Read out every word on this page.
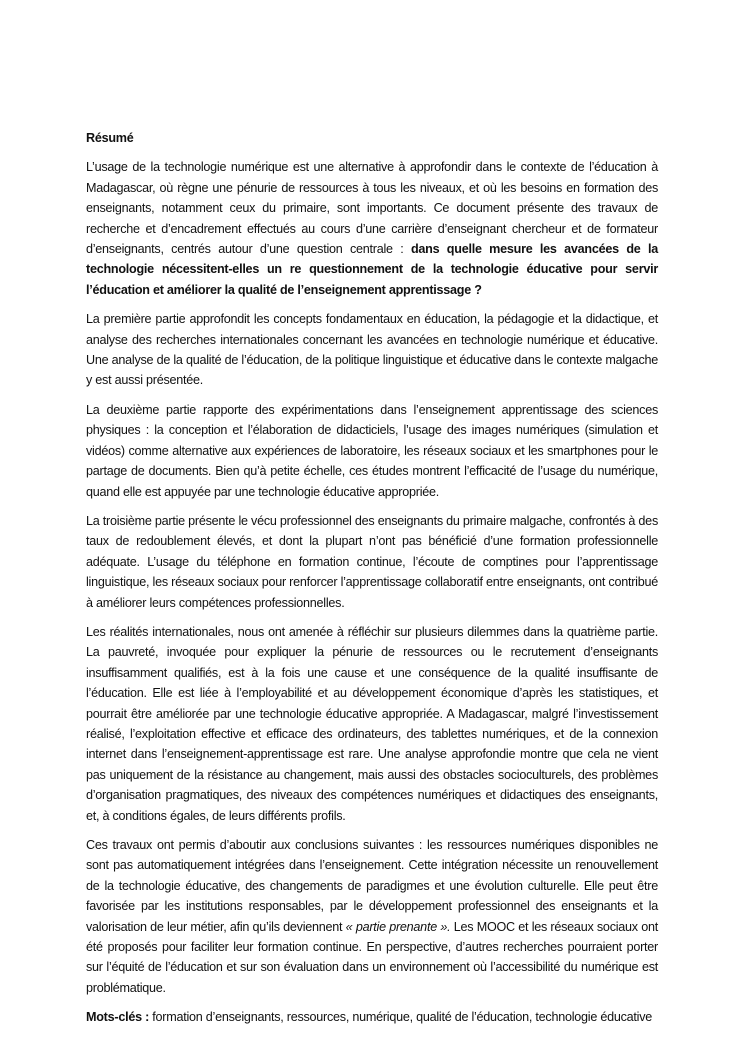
Résumé

L’usage de la technologie numérique est une alternative à approfondir dans le contexte de l’éducation à Madagascar, où règne une pénurie de ressources à tous les niveaux, et où les besoins en formation des enseignants, notamment ceux du primaire, sont importants. Ce document présente des travaux de recherche et d’encadrement effectués au cours d’une carrière d’enseignant chercheur et de formateur d’enseignants, centrés autour d’une question centrale : dans quelle mesure les avancées de la technologie nécessitent-elles un re questionnement de la technologie éducative pour servir l’éducation et améliorer la qualité de l’enseignement apprentissage ?

La première partie approfondit les concepts fondamentaux en éducation, la pédagogie et la didactique, et analyse des recherches internationales concernant les avancées en technologie numérique et éducative. Une analyse de la qualité de l’éducation, de la politique linguistique et éducative dans le contexte malgache y est aussi présentée.

La deuxième partie rapporte des expérimentations dans l’enseignement apprentissage des sciences physiques : la conception et l’élaboration de didacticiels, l’usage des images numériques (simulation et vidéos) comme alternative aux expériences de laboratoire, les réseaux sociaux et les smartphones pour le partage de documents. Bien qu’à petite échelle, ces études montrent l’efficacité de l’usage du numérique, quand elle est appuyée par une technologie éducative appropriée.

La troisième partie présente le vécu professionnel des enseignants du primaire malgache, confrontés à des taux de redoublement élevés, et dont la plupart n’ont pas bénéficié d’une formation professionnelle adéquate. L’usage du téléphone en formation continue, l’écoute de comptines pour l’apprentissage linguistique, les réseaux sociaux pour renforcer l’apprentissage collaboratif entre enseignants, ont contribué à améliorer leurs compétences professionnelles.

Les réalités internationales, nous ont amenée à réfléchir sur plusieurs dilemmes dans la quatrième partie. La pauvreté, invoquée pour expliquer la pénurie de ressources ou le recrutement d’enseignants insuffisamment qualifiés, est à la fois une cause et une conséquence de la qualité insuffisante de l’éducation. Elle est liée à l’employabilité et au développement économique d’après les statistiques, et pourrait être améliorée par une technologie éducative appropriée. A Madagascar, malgré l’investissement réalisé, l’exploitation effective et efficace des ordinateurs, des tablettes numériques, et de la connexion internet dans l’enseignement-apprentissage est rare. Une analyse approfondie montre que cela ne vient pas uniquement de la résistance au changement, mais aussi des obstacles socioculturels, des problèmes d’organisation pragmatiques, des niveaux des compétences numériques et didactiques des enseignants, et, à conditions égales, de leurs différents profils.

Ces travaux ont permis d’aboutir aux conclusions suivantes : les ressources numériques disponibles ne sont pas automatiquement intégrées dans l’enseignement. Cette intégration nécessite un renouvellement de la technologie éducative, des changements de paradigmes et une évolution culturelle. Elle peut être favorisée par les institutions responsables, par le développement professionnel des enseignants et la valorisation de leur métier, afin qu’ils deviennent « partie prenante ». Les MOOC et les réseaux sociaux ont été proposés pour faciliter leur formation continue. En perspective, d’autres recherches pourraient porter sur l’équité de l’éducation et sur son évaluation dans un environnement où l’accessibilité du numérique est problématique.

Mots-clés : formation d’enseignants, ressources, numérique, qualité de l’éducation, technologie éducative
